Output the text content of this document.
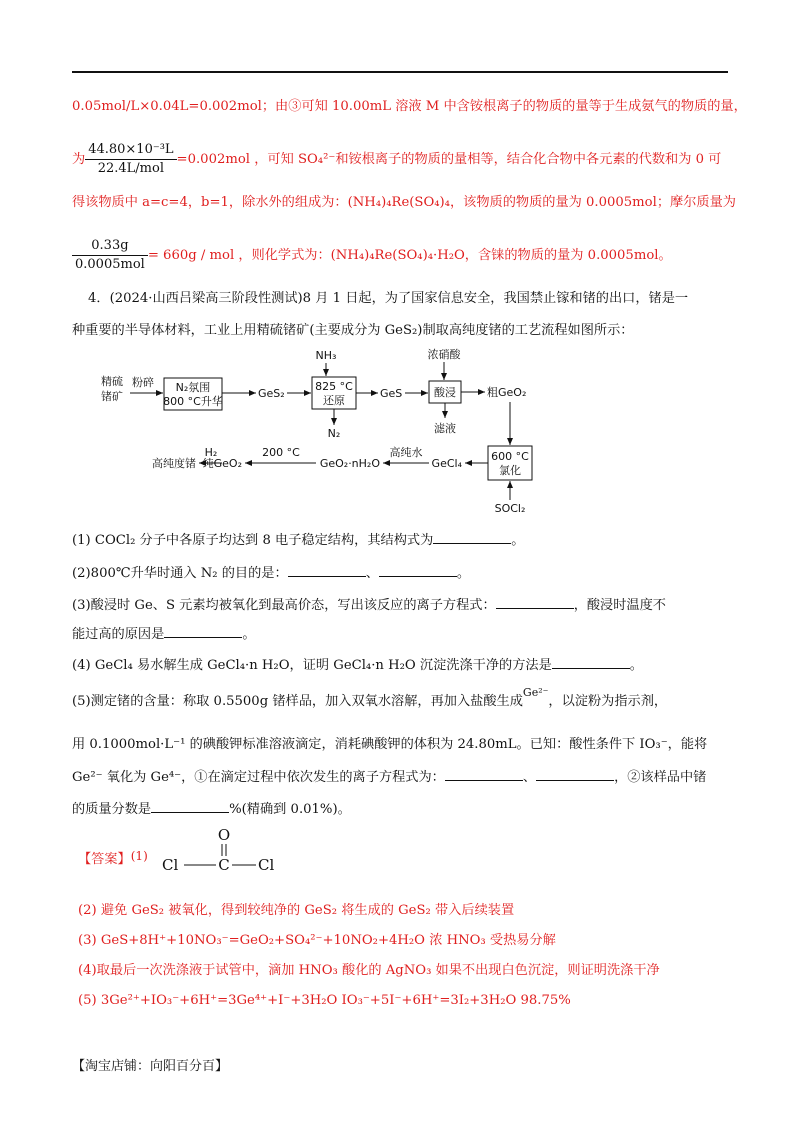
0.05mol/L×0.04L=0.002mol；由③可知 10.00mL 溶液 M 中含铵根离子的物质的量等于生成氨气的物质的量，
为 $\frac{\text{44.80×10⁻³L}}{\text{22.4L/mol}} =0.002mol$ ，可知 SO₄²⁻和铵根离子的物质的量相等，结合化合物中各元素的代数和为 0 可
得该物质中 a=c=4，b=1，除水外的组成为：(NH₄)₄Re(SO₄)₄，该物质的物质的量为 0.0005mol；摩尔质量为
$\frac{0.33g}{\text{0.0005mol}} = 660g$ / mol ，则化学式为：(NH₄)₄Re(SO₄)₄·H₂O，含铼的物质的量为 0.0005mol。
4．(2024·山西吕梁高三阶段性测试)8 月 1 日起，为了国家信息安全，我国禁止镓和锗的出口，锗是一
种重要的半导体材料，工业上用精硫锗矿(主要成分为 GeS₂)制取高纯度锗的工艺流程如图所示：
精硫
锗矿
粉碎 N₂氛围
800 °C升华
GeS₂
NH₃
825 °C
还原
N₂
GeS
浓硝酸
酸浸
滤液
粗GeO₂
600 °C
氯化
SOCl₂
GeCl₄
高纯水
GeO₂·nH₂O
200 °C
纯GeO₂
H₂
高纯度锗
(1) COCl₂ 分子中各原子均达到 8 电子稳定结构，其结构式为	。
(2)800℃升华时通入 N₂ 的目的是：	、	。
(3)酸浸时 Ge、S 元素均被氧化到最高价态，写出该反应的离子方程式：	，酸浸时温度不
能过高的原因是	。
(4) GeCl₄ 易水解生成 GeCl₄·n H₂O，证明 GeCl₄·n H₂O 沉淀洗涤干净的方法是	。
(5)测定锗的含量：称取 0.5500g 锗样品，加入双氧水溶解，再加入盐酸生成$^{Ge^{2-}}$，以淀粉为指示剂，
用 0.1000mol·L⁻¹ 的碘酸钾标准溶液滴定，消耗碘酸钾的体积为 24.80mL。已知：酸性条件下 IO₃⁻，能将
Ge²⁻ 氧化为 Ge⁴⁻，①在滴定过程中依次发生的离子方程式为：	、	，②该样品中锗
的质量分数是	%(精确到 0.01%)。
【答案】(1)
O
Cl	C Cl
(2) 避免 GeS₂ 被氧化，得到较纯净的 GeS₂ 将生成的 GeS₂ 带入后续装置
(3) GeS+8H⁺+10NO₃⁻=GeO₂+SO₄²⁻+10NO₂+4H₂O 浓 HNO₃ 受热易分解
(4)取最后一次洗涤液于试管中，滴加 HNO₃ 酸化的 AgNO₃ 如果不出现白色沉淀，则证明洗涤干净
(5) 3Ge²⁺+IO₃⁻+6H⁺=3Ge⁴⁺+I⁻+3H₂O IO₃⁻+5I⁻+6H⁺=3I₂+3H₂O 98.75%
【淘宝店铺：向阳百分百】
